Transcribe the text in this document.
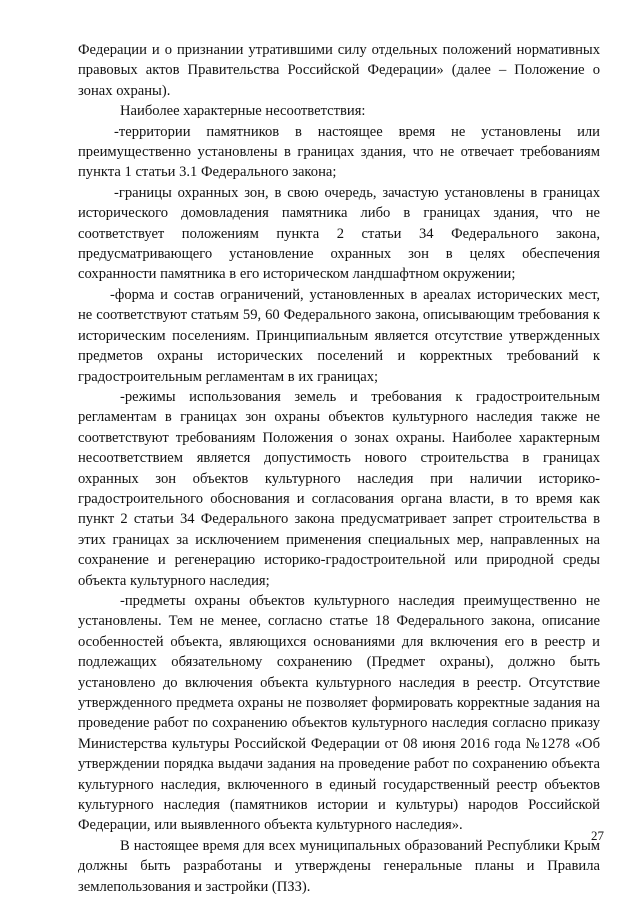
Федерации и о признании утратившими силу отдельных положений нормативных правовых актов Правительства Российской Федерации» (далее – Положение о зонах охраны).

Наиболее характерные несоответствия:

-территории памятников в настоящее время не установлены или преимущественно установлены в границах здания, что не отвечает требованиям пункта 1 статьи 3.1 Федерального закона;

-границы охранных зон, в свою очередь, зачастую установлены в границах исторического домовладения памятника либо в границах здания, что не соответствует положениям пункта 2 статьи 34 Федерального закона, предусматривающего установление охранных зон в целях обеспечения сохранности памятника в его историческом ландшафтном окружении;

-форма и состав ограничений, установленных в ареалах исторических мест, не соответствуют статьям 59, 60 Федерального закона, описывающим требования к историческим поселениям. Принципиальным является отсутствие утвержденных предметов охраны исторических поселений и корректных требований к градостроительным регламентам в их границах;

-режимы использования земель и требования к градостроительным регламентам в границах зон охраны объектов культурного наследия также не соответствуют требованиям Положения о зонах охраны. Наиболее характерным несоответствием является допустимость нового строительства в границах охранных зон объектов культурного наследия при наличии историко-градостроительного обоснования и согласования органа власти, в то время как пункт 2 статьи 34 Федерального закона предусматривает запрет строительства в этих границах за исключением применения специальных мер, направленных на сохранение и регенерацию историко-градостроительной или природной среды объекта культурного наследия;

-предметы охраны объектов культурного наследия преимущественно не установлены. Тем не менее, согласно статье 18 Федерального закона, описание особенностей объекта, являющихся основаниями для включения его в реестр и подлежащих обязательному сохранению (Предмет охраны), должно быть установлено до включения объекта культурного наследия в реестр. Отсутствие утвержденного предмета охраны не позволяет формировать корректные задания на проведение работ по сохранению объектов культурного наследия согласно приказу Министерства культуры Российской Федерации от 08 июня 2016 года №1278 «Об утверждении порядка выдачи задания на проведение работ по сохранению объекта культурного наследия, включенного в единый государственный реестр объектов культурного наследия (памятников истории и культуры) народов Российской Федерации, или выявленного объекта культурного наследия».

В настоящее время для всех муниципальных образований Республики Крым должны быть разработаны и утверждены генеральные планы и Правила землепользования и застройки (ПЗЗ).

27
